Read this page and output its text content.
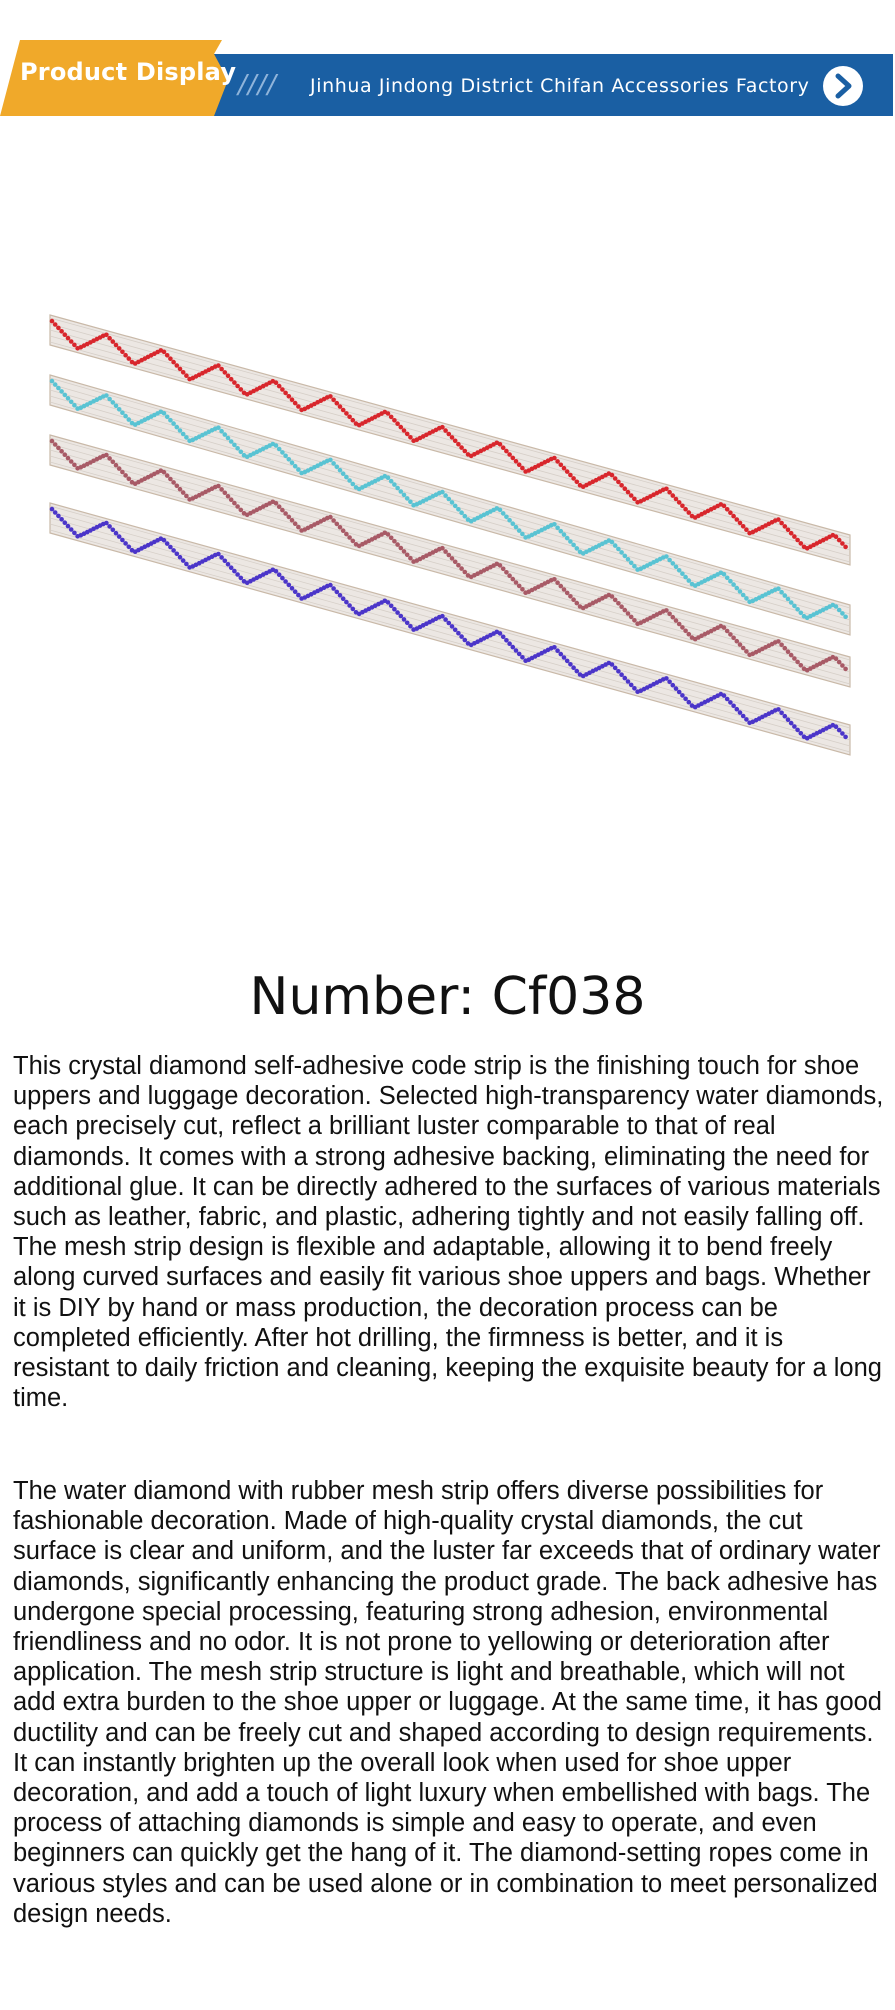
Product Display //// Jinhua Jindong District Chifan Accessories Factory
Number: Cf038

This crystal diamond self-adhesive code strip is the finishing touch for shoe uppers and luggage decoration. Selected high-transparency water diamonds, each precisely cut, reflect a brilliant luster comparable to that of real diamonds. It comes with a strong adhesive backing, eliminating the need for additional glue. It can be directly adhered to the surfaces of various materials such as leather, fabric, and plastic, adhering tightly and not easily falling off. The mesh strip design is flexible and adaptable, allowing it to bend freely along curved surfaces and easily fit various shoe uppers and bags. Whether it is DIY by hand or mass production, the decoration process can be completed efficiently. After hot drilling, the firmness is better, and it is resistant to daily friction and cleaning, keeping the exquisite beauty for a long time.

The water diamond with rubber mesh strip offers diverse possibilities for fashionable decoration. Made of high-quality crystal diamonds, the cut surface is clear and uniform, and the luster far exceeds that of ordinary water diamonds, significantly enhancing the product grade. The back adhesive has undergone special processing, featuring strong adhesion, environmental friendliness and no odor. It is not prone to yellowing or deterioration after application. The mesh strip structure is light and breathable, which will not add extra burden to the shoe upper or luggage. At the same time, it has good ductility and can be freely cut and shaped according to design requirements. It can instantly brighten up the overall look when used for shoe upper decoration, and add a touch of light luxury when embellished with bags. The process of attaching diamonds is simple and easy to operate, and even beginners can quickly get the hang of it. The diamond-setting ropes come in various styles and can be used alone or in combination to meet personalized design needs.
